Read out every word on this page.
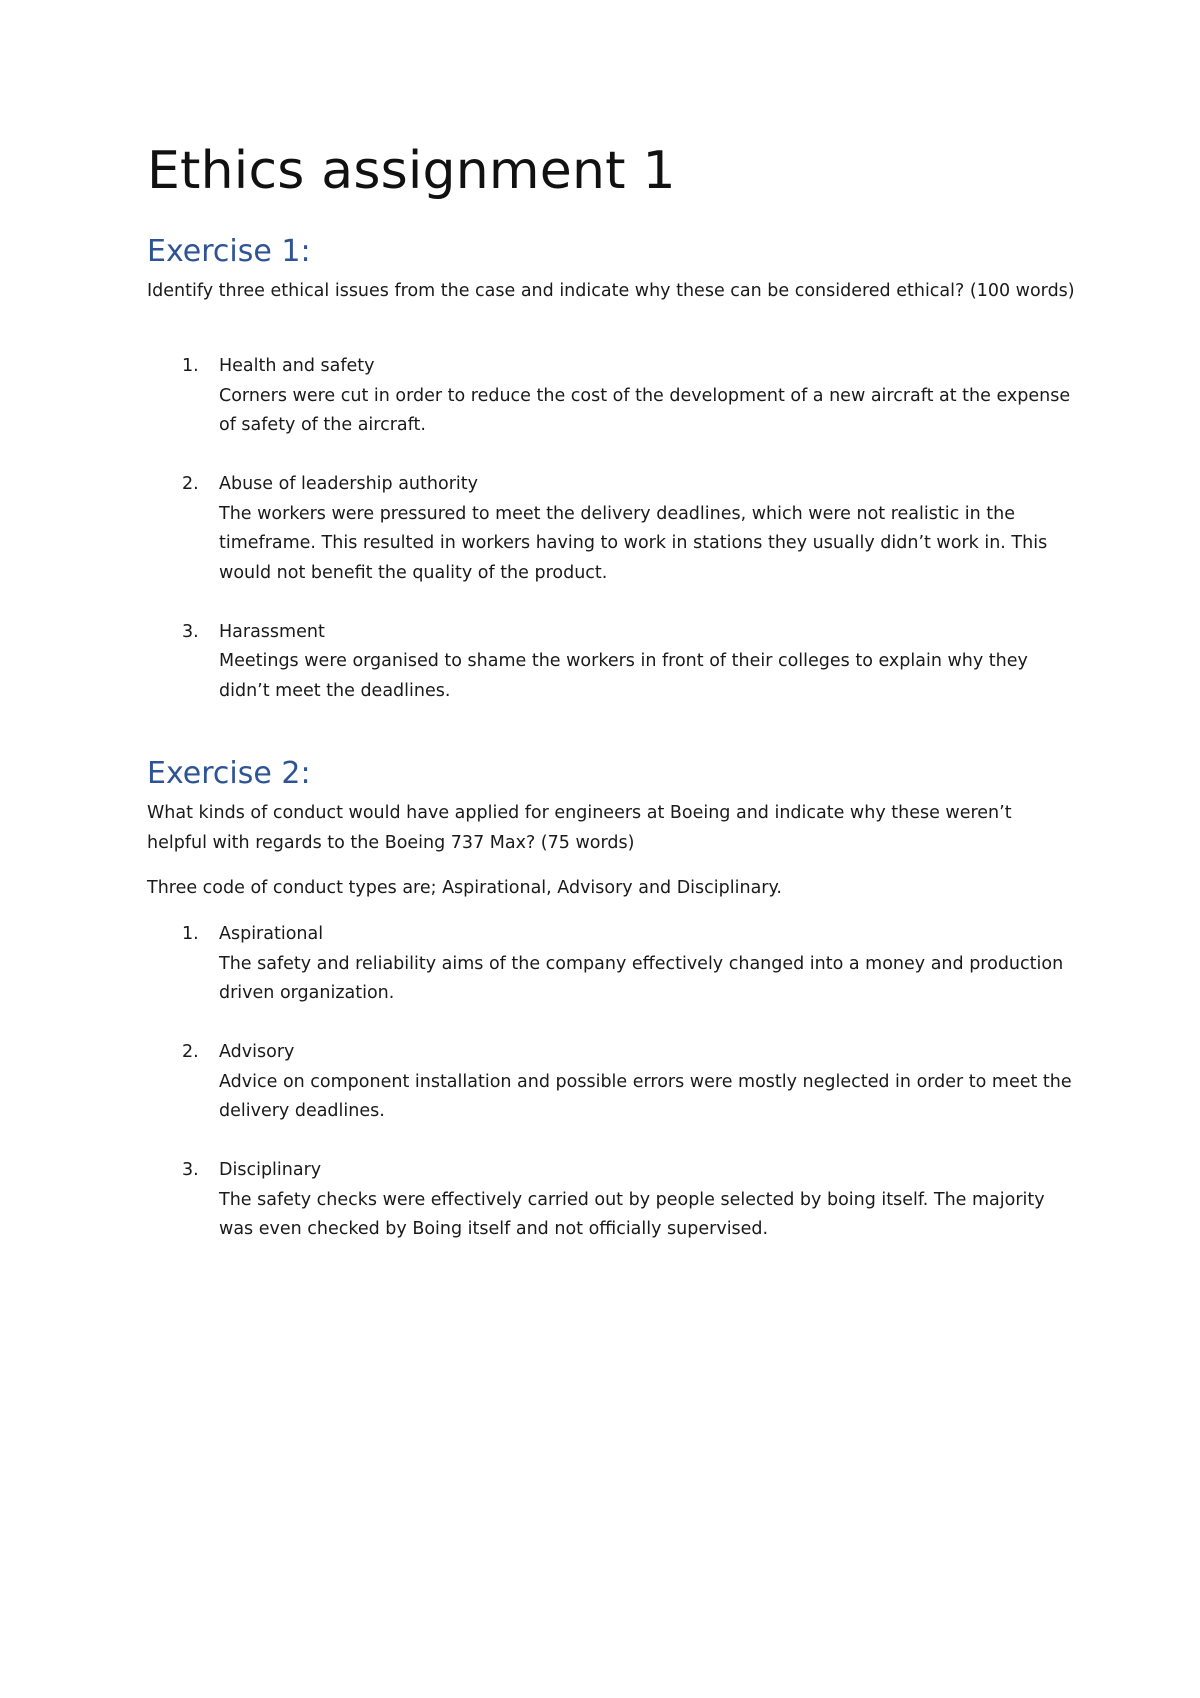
Ethics assignment 1
Exercise 1:

Identify three ethical issues from the case and indicate why these can be considered ethical? (100 words)

1. Health and safety
Corners were cut in order to reduce the cost of the development of a new aircraft at the expense of safety of the aircraft.
2. Abuse of leadership authority
The workers were pressured to meet the delivery deadlines, which were not realistic in the timeframe. This resulted in workers having to work in stations they usually didn’t work in. This would not benefit the quality of the product.
3. Harassment
Meetings were organised to shame the workers in front of their colleges to explain why they didn’t meet the deadlines.
Exercise 2:

What kinds of conduct would have applied for engineers at Boeing and indicate why these weren’t helpful with regards to the Boeing 737 Max? (75 words)

Three code of conduct types are; Aspirational, Advisory and Disciplinary.

1. Aspirational
The safety and reliability aims of the company effectively changed into a money and production driven organization.
2. Advisory
Advice on component installation and possible errors were mostly neglected in order to meet the delivery deadlines.
3. Disciplinary
The safety checks were effectively carried out by people selected by boing itself. The majority was even checked by Boing itself and not officially supervised.
